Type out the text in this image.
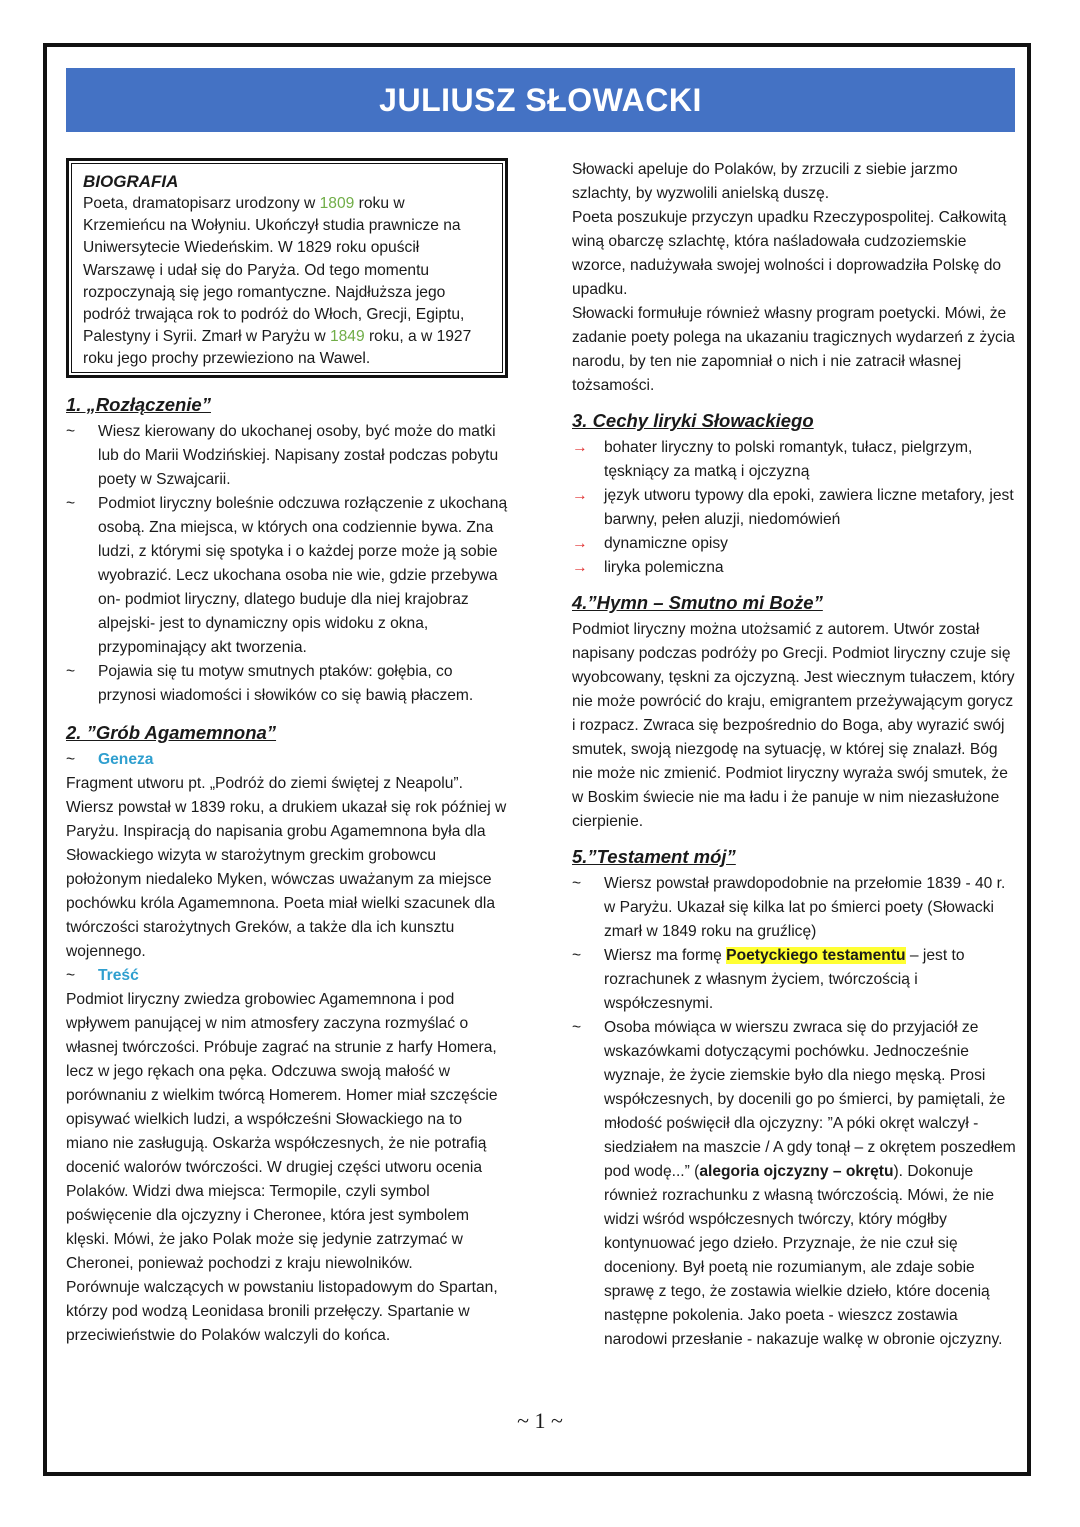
JULIUSZ SŁOWACKI
BIOGRAFIA

Poeta, dramatopisarz urodzony w 1809 roku w Krzemieńcu na Wołyniu. Ukończył studia prawnicze na Uniwersytecie Wiedeńskim. W 1829 roku opuścił Warszawę i udał się do Paryża. Od tego momentu rozpoczynają się jego romantyczne. Najdłuższa jego podróż trwająca rok to podróż do Włoch, Grecji, Egiptu, Palestyny i Syrii. Zmarł w Paryżu w 1849 roku, a w 1927 roku jego prochy przewieziono na Wawel.

1. „Rozłączenie”
~	Wiesz kierowany do ukochanej osoby, być może do matki lub do Marii Wodzińskiej. Napisany został podczas pobytu poety w Szwajcarii.

~	Podmiot liryczny boleśnie odczuwa rozłączenie z ukochaną osobą. Zna miejsca, w których ona codziennie bywa. Zna ludzi, z którymi się spotyka i o każdej porze może ją sobie wyobrazić. Lecz ukochana osoba nie wie, gdzie przebywa on- podmiot liryczny, dlatego buduje dla niej krajobraz alpejski- jest to dynamiczny opis widoku z okna, przypominający akt tworzenia.

~	Pojawia się tu motyw smutnych ptaków: gołębia, co przynosi wiadomości i słowików co się bawią płaczem.

2. ”Grób Agamemnona”
~	Geneza

Fragment utworu pt. „Podróż do ziemi świętej z Neapolu”. Wiersz powstał w 1839 roku, a drukiem ukazał się rok później w Paryżu. Inspiracją do napisania grobu Agamemnona była dla Słowackiego wizyta w starożytnym greckim grobowcu położonym niedaleko Myken, wówczas uważanym za miejsce pochówku króla Agamemnona. Poeta miał wielki szacunek dla twórczości starożytnych Greków, a także dla ich kunsztu wojennego.

~	Treść

Podmiot liryczny zwiedza grobowiec Agamemnona i pod wpływem panującej w nim atmosfery zaczyna rozmyślać o własnej twórczości. Próbuje zagrać na strunie z harfy Homera, lecz w jego rękach ona pęka. Odczuwa swoją małość w porównaniu z wielkim twórcą Homerem. Homer miał szczęście opisywać wielkich ludzi, a współcześni Słowackiego na to miano nie zasługują. Oskarża współczesnych, że nie potrafią docenić walorów twórczości. W drugiej części utworu ocenia Polaków. Widzi dwa miejsca: Termopile, czyli symbol poświęcenie dla ojczyzny i Cheronee, która jest symbolem klęski. Mówi, że jako Polak może się jedynie zatrzymać w Cheronei, ponieważ pochodzi z kraju niewolników.

Porównuje walczących w powstaniu listopadowym do Spartan, którzy pod wodzą Leonidasa bronili przełęczy. Spartanie w przeciwieństwie do Polaków walczyli do końca.

Słowacki apeluje do Polaków, by zrzucili z siebie jarzmo szlachty, by wyzwolili anielską duszę.

Poeta poszukuje przyczyn upadku Rzeczypospolitej. Całkowitą winą obarczę szlachtę, która naśladowała cudzoziemskie wzorce, nadużywała swojej wolności i doprowadziła Polskę do upadku.

Słowacki formułuje również własny program poetycki. Mówi, że zadanie poety polega na ukazaniu tragicznych wydarzeń z życia narodu, by ten nie zapomniał o nich i nie zatracił własnej tożsamości.

3. Cechy liryki Słowackiego
→ bohater liryczny to polski romantyk, tułacz, pielgrzym, tęskniący za matką i ojczyzną

→ język utworu typowy dla epoki, zawiera liczne metafory, jest barwny, pełen aluzji, niedomówień

→ dynamiczne opisy

→ liryka polemiczna

4.”Hymn – Smutno mi Boże”

Podmiot liryczny można utożsamić z autorem. Utwór został napisany podczas podróży po Grecji. Podmiot liryczny czuje się wyobcowany, tęskni za ojczyzną. Jest wiecznym tułaczem, który nie może powrócić do kraju, emigrantem przeżywającym gorycz i rozpacz. Zwraca się bezpośrednio do Boga, aby wyrazić swój smutek, swoją niezgodę na sytuację, w której się znalazł. Bóg nie może nic zmienić. Podmiot liryczny wyraża swój smutek, że w Boskim świecie nie ma ładu i że panuje w nim niezasłużone cierpienie.

5.”Testament mój”
~	Wiersz powstał prawdopodobnie na przełomie 1839 - 40 r. w Paryżu. Ukazał się kilka lat po śmierci poety (Słowacki zmarł w 1849 roku na gruźlicę)

~	Wiersz ma formę Poetyckiego testamentu – jest to rozrachunek z własnym życiem, twórczością i współczesnymi.

~	Osoba mówiąca w wierszu zwraca się do przyjaciół ze wskazówkami dotyczącymi pochówku. Jednocześnie wyznaje, że życie ziemskie było dla niego męską. Prosi współczesnych, by docenili go po śmierci, by pamiętali, że młodość poświęcił dla ojczyzny: ”A póki okręt walczył - siedziałem na maszcie / A gdy tonął – z okrętem poszedłem pod wodę...” (alegoria ojczyzny – okrętu). Dokonuje również rozrachunku z własną twórczością. Mówi, że nie widzi wśród współczesnych twórczy, który mógłby kontynuować jego dzieło. Przyznaje, że nie czuł się doceniony. Był poetą nie rozumianym, ale zdaje sobie sprawę z tego, że zostawia wielkie dzieło, które docenią następne pokolenia. Jako poeta - wieszcz zostawia narodowi przesłanie - nakazuje walkę w obronie ojczyzny.

~ 1 ~
